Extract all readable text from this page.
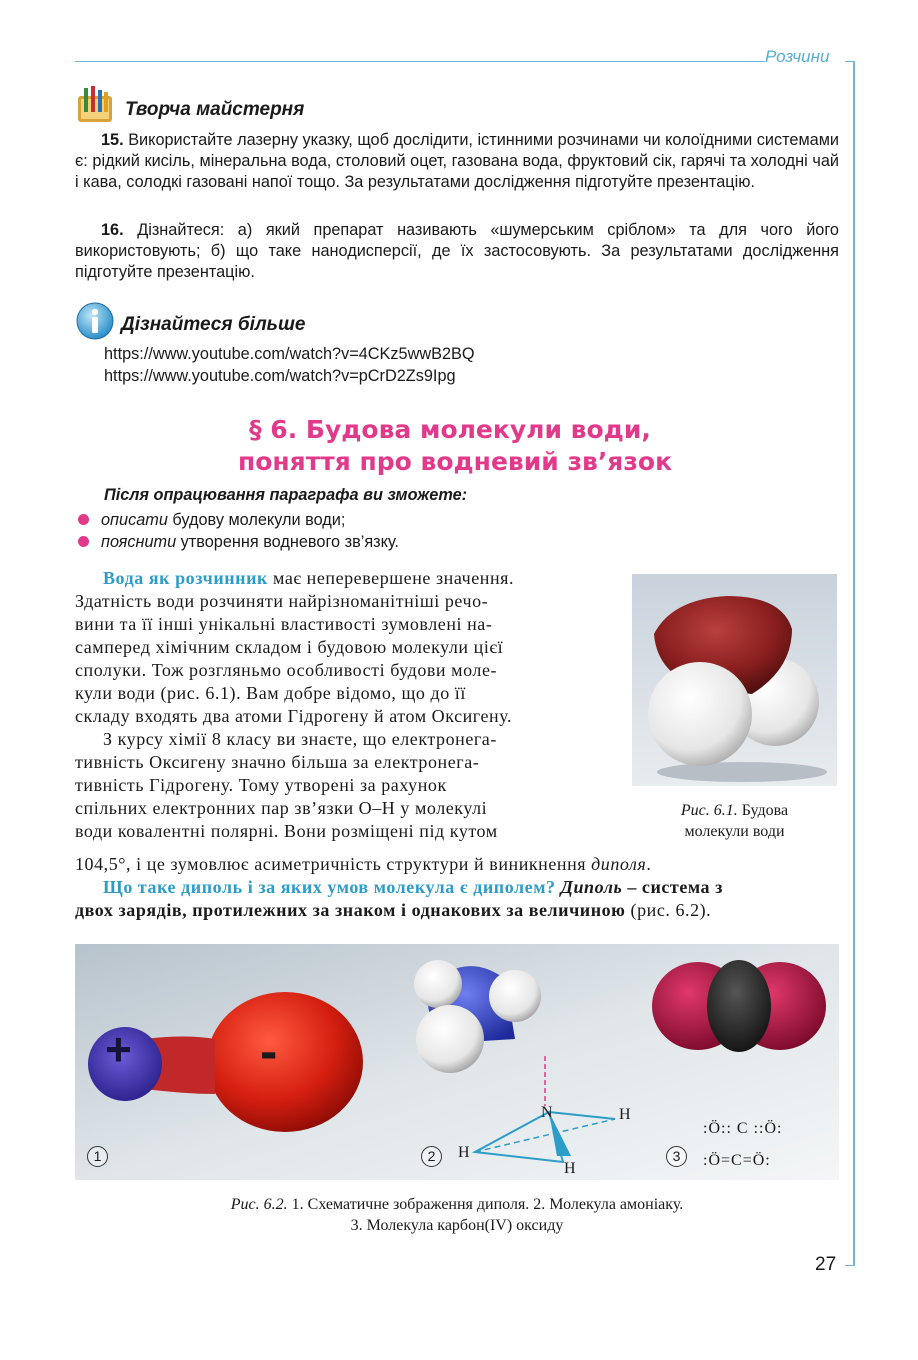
Розчини
27
Творча майстерня
15. Використайте лазерну указку, щоб дослідити, істинними розчинами чи колоїдними системами є: рідкий кисіль, мінеральна вода, столовий оцет, газована вода, фруктовий сік, гарячі та холодні чай і кава, солодкі газовані напої тощо. За результатами дослідження підготуйте презентацію.
16. Дізнайтеся: а) який препарат називають «шумерським сріблом» та для чого його використовують; б) що таке нанодисперсії, де їх застосовують. За результатами дослідження підготуйте презентацію.
Дізнайтеся більше
https://www.youtube.com/watch?v=4CKz5wwB2BQ
https://www.youtube.com/watch?v=pCrD2Zs9Ipg
§ 6. Будова молекули води,
поняття про водневий зв’язок
Після опрацювання параграфа ви зможете:
описати будову молекули води;
пояснити утворення водневого зв’язку.
Вода як розчинник має неперевершене значення.
Здатність води розчиняти найрізноманітніші речо-
вини та її інші унікальні властивості зумовлені на-
самперед хімічним складом і будовою молекули цієї
сполуки. Тож розгляньмо особливості будови моле-
кули води (рис. 6.1). Вам добре відомо, що до її
складу входять два атоми Гідрогену й атом Оксигену.
З курсу хімії 8 класу ви знаєте, що електронега-
тивність Оксигену значно більша за електронега-
тивність Гідрогену. Тому утворені за рахунок
спільних електронних пар зв’язки О–Н у молекулі
води ковалентні полярні. Вони розміщені під кутом
104,5°, і це зумовлює асиметричність структури й виникнення диполя.
Що таке диполь і за яких умов молекула є диполем? Диполь – система з
двох зарядів, протилежних за знаком і однакових за величиною (рис. 6.2).
Рис. 6.1. Будова
молекули води
+ -
N	H
H
H
:Ö:: C ::Ö:
:Ö=C=Ö:
1	2	3
Рис. 6.2. 1. Схематичне зображення диполя. 2. Молекула амоніаку.
3. Молекула карбон(IV) оксиду
